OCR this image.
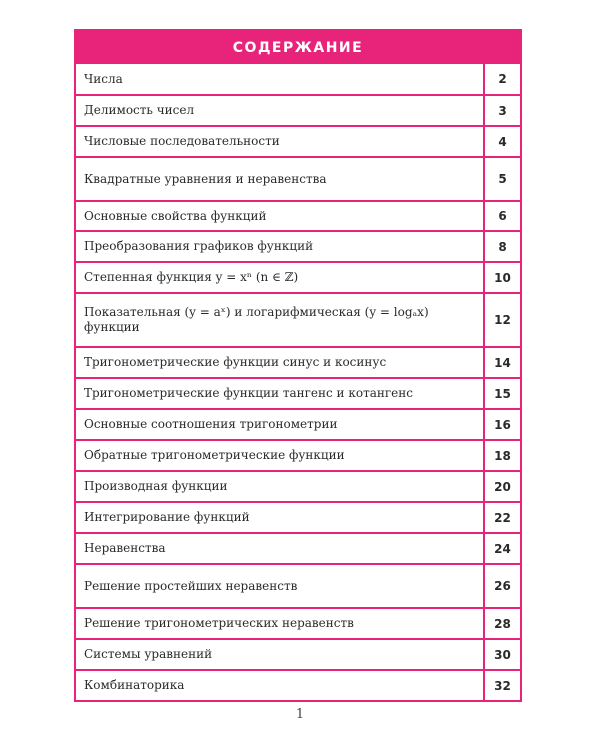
СОДЕРЖАНИЕ
Числа	2
Делимость чисел	3
Числовые последовательности	4
Квадратные уравнения и неравенства	5
Основные свойства функций	6
Преобразования графиков функций	8
Степенная функция y = xⁿ (n ∈ ℤ)	10
Показательная (y = aˣ) и логарифмическая (y = logₐx) функции	12
Тригонометрические функции синус и косинус	14
Тригонометрические функции тангенс и котангенс	15
Основные соотношения тригонометрии	16
Обратные тригонометрические функции	18
Производная функции	20
Интегрирование функций	22
Неравенства	24
Решение простейших неравенств	26
Решение тригонометрических неравенств	28
Системы уравнений	30
Комбинаторика	32
1
